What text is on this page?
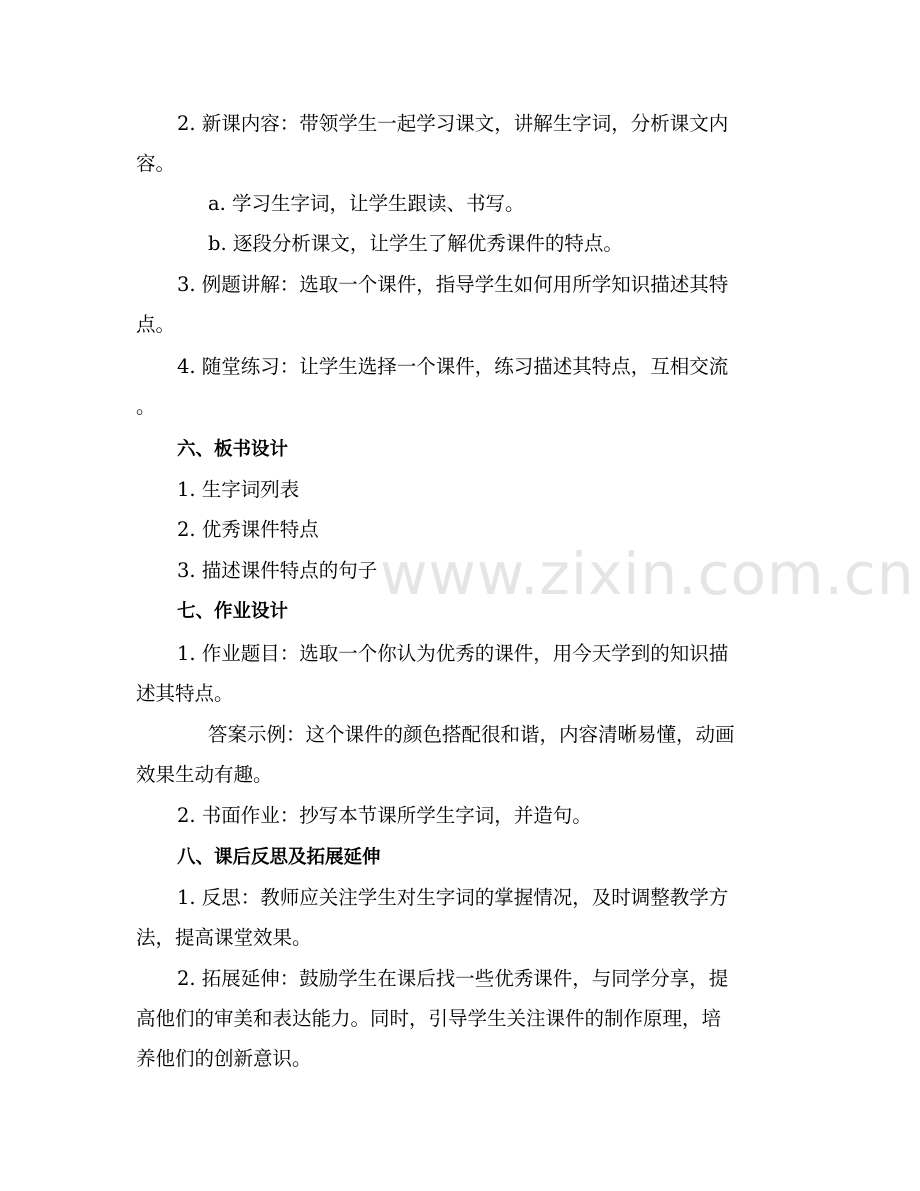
www.zixin.com.cn
2. 新课内容：带领学生一起学习课文，讲解生字词，分析课文内
容。
a. 学习生字词，让学生跟读、书写。
b. 逐段分析课文，让学生了解优秀课件的特点。
3. 例题讲解：选取一个课件，指导学生如何用所学知识描述其特
点。
4. 随堂练习：让学生选择一个课件，练习描述其特点，互相交流
。
六、板书设计
1. 生字词列表
2. 优秀课件特点
3. 描述课件特点的句子
七、作业设计
1. 作业题目：选取一个你认为优秀的课件，用今天学到的知识描
述其特点。
答案示例：这个课件的颜色搭配很和谐，内容清晰易懂，动画
效果生动有趣。
2. 书面作业：抄写本节课所学生字词，并造句。
八、课后反思及拓展延伸
1. 反思：教师应关注学生对生字词的掌握情况，及时调整教学方
法，提高课堂效果。
2. 拓展延伸：鼓励学生在课后找一些优秀课件，与同学分享，提
高他们的审美和表达能力。同时，引导学生关注课件的制作原理，培
养他们的创新意识。
